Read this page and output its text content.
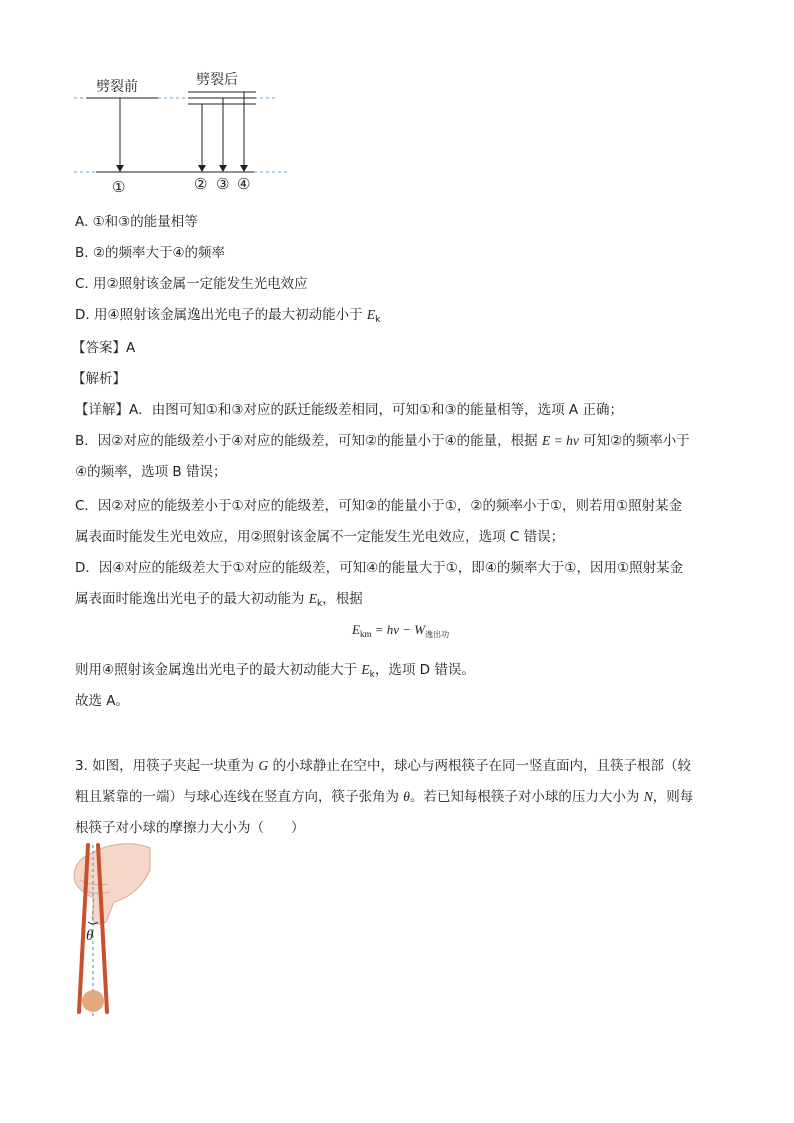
劈裂前	劈裂后
①	② ③ ④
A. ①和③的能量相等
B. ②的频率大于④的频率
C. 用②照射该金属一定能发生光电效应
D. 用④照射该金属逸出光电子的最大初动能小于 $E_k$
【答案】A
【解析】
【详解】A．由图可知①和③对应的跃迁能级差相同，可知①和③的能量相等，选项 A 正确；
B．因②对应的能级差小于④对应的能级差，可知②的能量小于④的能量，根据 E = hν 可知②的频率小于
④的频率，选项 B 错误；
C．因②对应的能级差小于①对应的能级差，可知②的能量小于①，②的频率小于①，则若用①照射某金
属表面时能发生光电效应，用②照射该金属不一定能发生光电效应，选项 C 错误；
D．因④对应的能级差大于①对应的能级差，可知④的能量大于①，即④的频率大于①，因用①照射某金
属表面时能逸出光电子的最大初动能为 $E_k$，根据
$E_{km} = h\nu - W_{逸出功}$
则用④照射该金属逸出光电子的最大初动能大于 $E_k$，选项 D 错误。
故选 A。
3. 如图，用筷子夹起一块重为 G 的小球静止在空中，球心与两根筷子在同一竖直面内，且筷子根部（较
粗且紧靠的一端）与球心连线在竖直方向，筷子张角为 θ。若已知每根筷子对小球的压力大小为 N，则每
根筷子对小球的摩擦力大小为（　　）
θ
